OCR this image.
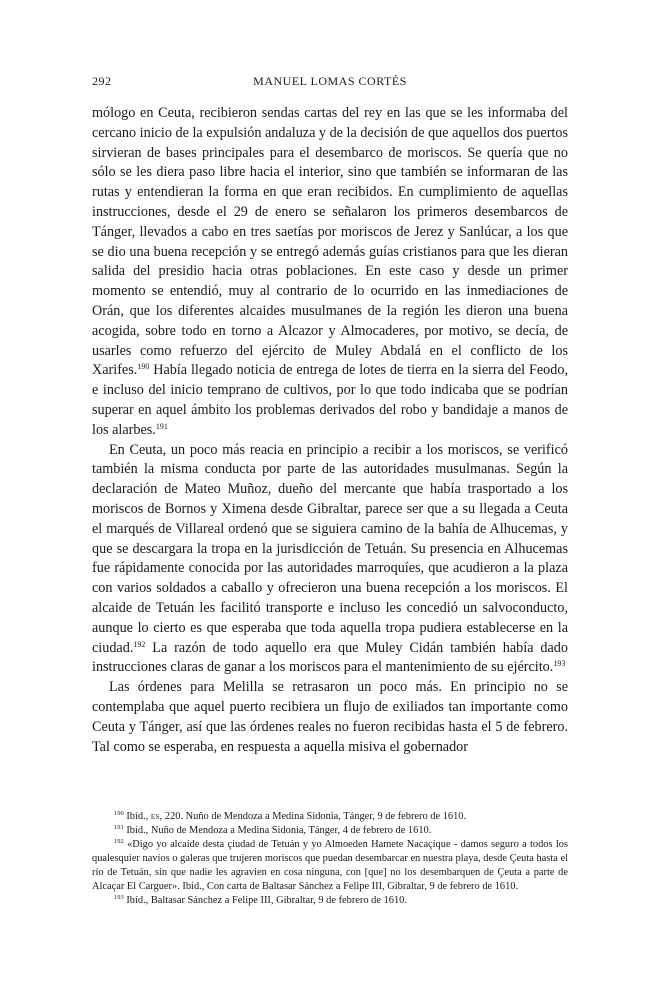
292	MANUEL LOMAS CORTÉS

mólogo en Ceuta, recibieron sendas cartas del rey en las que se les informaba del cercano inicio de la expulsión andaluza y de la decisión de que aquellos dos puertos sirvieran de bases principales para el desembarco de moriscos. Se quería que no sólo se les diera paso libre hacia el interior, sino que también se informaran de las rutas y entendieran la forma en que eran recibidos. En cumplimiento de aquellas instrucciones, desde el 29 de enero se señalaron los primeros desembarcos de Tánger, llevados a cabo en tres saetías por moriscos de Jerez y Sanlúcar, a los que se dio una buena recepción y se entregó además guías cristianos para que les dieran salida del presidio hacia otras poblaciones. En este caso y desde un primer momento se entendió, muy al contrario de lo ocurrido en las inmediaciones de Orán, que los diferentes alcaides musulmanes de la región les dieron una buena acogida, sobre todo en torno a Alcazor y Almocaderes, por motivo, se decía, de usarles como refuerzo del ejército de Muley Abdalá en el conflicto de los Xarifes.$^{190}$ Había llegado noticia de entrega de lotes de tierra en la sierra del Feodo, e incluso del inicio temprano de cultivos, por lo que todo indicaba que se podrían superar en aquel ámbito los problemas derivados del robo y bandidaje a manos de los alarbes.$^{191}$

En Ceuta, un poco más reacia en principio a recibir a los moriscos, se verificó también la misma conducta por parte de las autoridades musulmanas. Según la declaración de Mateo Muñoz, dueño del mercante que había trasportado a los moriscos de Bornos y Ximena desde Gibraltar, parece ser que a su llegada a Ceuta el marqués de Villareal ordenó que se siguiera camino de la bahía de Alhucemas, y que se descargara la tropa en la jurisdicción de Tetuán. Su presencia en Alhucemas fue rápidamente conocida por las autoridades marroquíes, que acudieron a la plaza con varios soldados a caballo y ofrecieron una buena recepción a los moriscos. El alcaide de Tetuán les facilitó transporte e incluso les concedió un salvoconducto, aunque lo cierto es que esperaba que toda aquella tropa pudiera establecerse en la ciudad.$^{192}$ La razón de todo aquello era que Muley Cidán también había dado instrucciones claras de ganar a los moriscos para el mantenimiento de su ejército.$^{193}$

Las órdenes para Melilla se retrasaron un poco más. En principio no se contemplaba que aquel puerto recibiera un flujo de exiliados tan importante como Ceuta y Tánger, así que las órdenes reales no fueron recibidas hasta el 5 de febrero. Tal como se esperaba, en respuesta a aquella misiva el gobernador

$^{190}$ Ibíd., es, 220. Nuño de Mendoza a Medina Sidonia, Tánger, 9 de febrero de 1610.

$^{191}$ Ibíd., Nuño de Mendoza a Medina Sidonia, Tánger, 4 de febrero de 1610.

$^{192}$ «Digo yo alcaide desta çiudad de Tetuán y yo Almoeden Hamete Nacaçique - damos seguro a todos los qualesquier navíos o galeras que trujeren moriscos que puedan desembarcar en nuestra playa, desde Çeuta hasta el río de Tetuán, sin que nadie les agravien en cosa ninguna, con [que] no los desembarquen de Çeuta a parte de Alcaçar El Carguer». Ibíd., Con carta de Baltasar Sánchez a Felipe III, Gibraltar, 9 de febrero de 1610.

$^{193}$ Ibíd., Baltasar Sánchez a Felipe III, Gibraltar, 9 de febrero de 1610.
